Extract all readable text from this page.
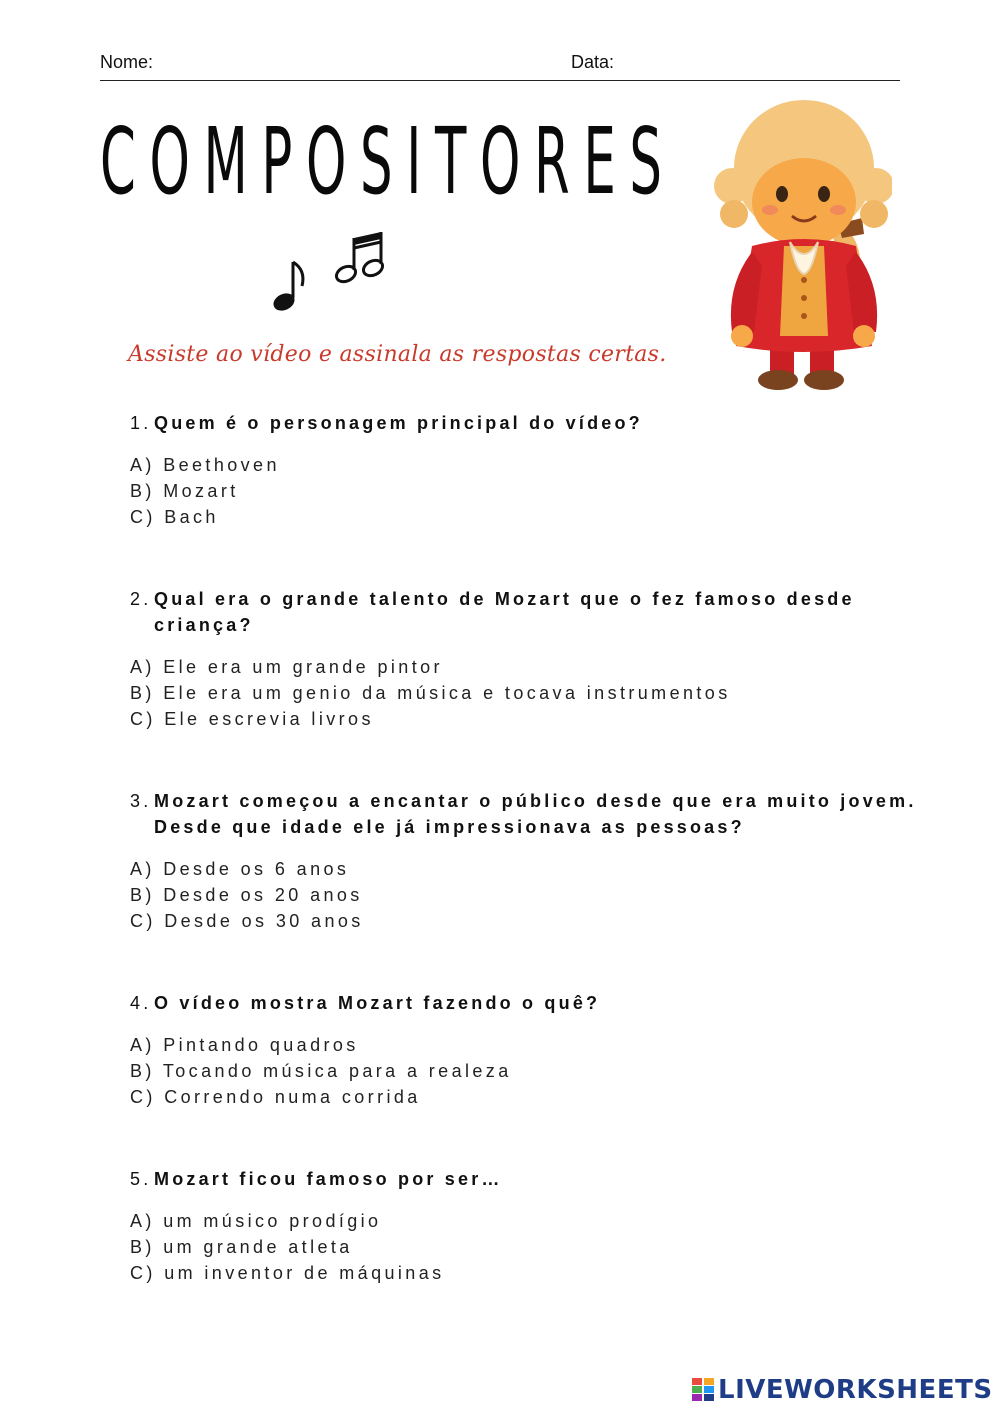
Nome:	Data:
COMPOSITORES
Assiste ao vídeo e assinala as respostas certas.
1. Quem é o personagem principal do vídeo?
A) Beethoven
B) Mozart
C) Bach
2. Qual era o grande talento de Mozart que o fez famoso desde criança?
A) Ele era um grande pintor
B) Ele era um genio da música e tocava instrumentos
C) Ele escrevia livros
3. Mozart começou a encantar o público desde que era muito jovem. Desde que idade ele já impressionava as pessoas?
A) Desde os 6 anos
B) Desde os 20 anos
C) Desde os 30 anos
4. O vídeo mostra Mozart fazendo o quê?
A) Pintando quadros
B) Tocando música para a realeza
C) Correndo numa corrida
5. Mozart ficou famoso por ser…
A) um músico prodígio
B) um grande atleta
C) um inventor de máquinas
LIVEWORKSHEETS
